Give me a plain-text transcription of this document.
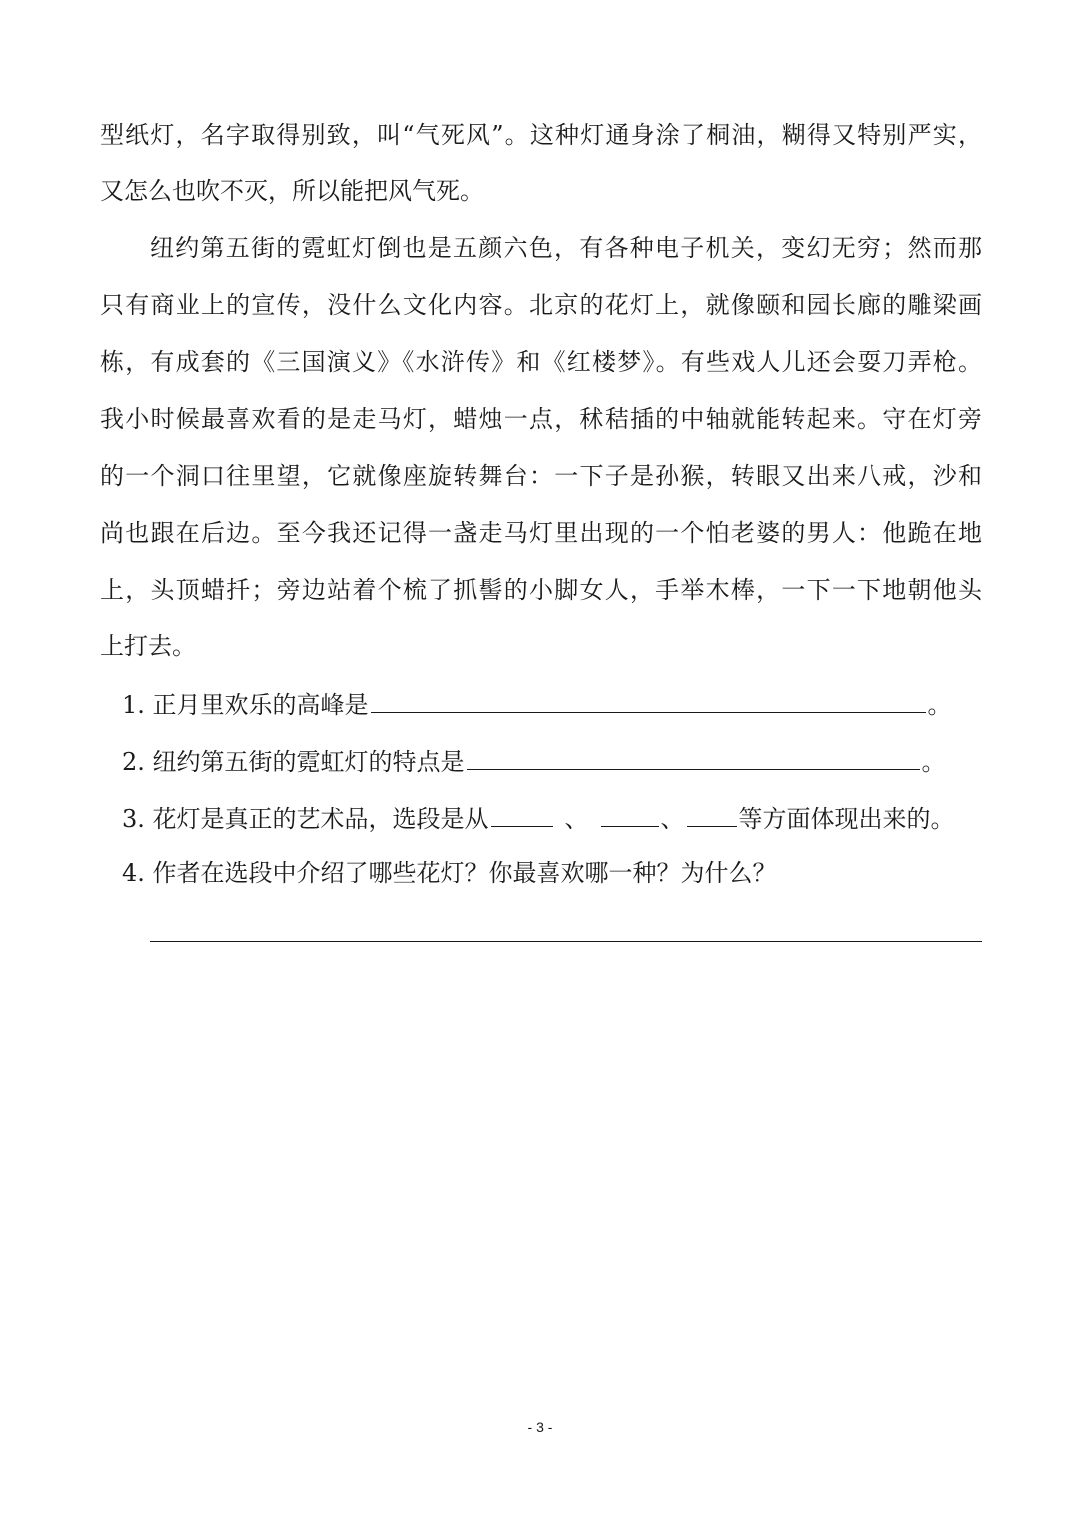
型纸灯，名字取得别致，叫“气死风”。这种灯通身涂了桐油，糊得又特别严实，
又怎么也吹不灭，所以能把风气死。
纽约第五街的霓虹灯倒也是五颜六色，有各种电子机关，变幻无穷；然而那
只有商业上的宣传，没什么文化内容。北京的花灯上，就像颐和园长廊的雕梁画
栋，有成套的《三国演义》《水浒传》和《红楼梦》。有些戏人儿还会耍刀弄枪。
我小时候最喜欢看的是走马灯，蜡烛一点，秫秸插的中轴就能转起来。守在灯旁
的一个洞口往里望，它就像座旋转舞台：一下子是孙猴，转眼又出来八戒，沙和
尚也跟在后边。至今我还记得一盏走马灯里出现的一个怕老婆的男人：他跪在地
上，头顶蜡扦；旁边站着个梳了抓髻的小脚女人，手举木棒，一下一下地朝他头
上打去。
1. 正月里欢乐的高峰是	。
2. 纽约第五街的霓虹灯的特点是	。
3. 花灯是真正的艺术品，选段是从	、	、 等方面体现出来的。
4. 作者在选段中介绍了哪些花灯？你最喜欢哪一种？为什么？
- 3 -
